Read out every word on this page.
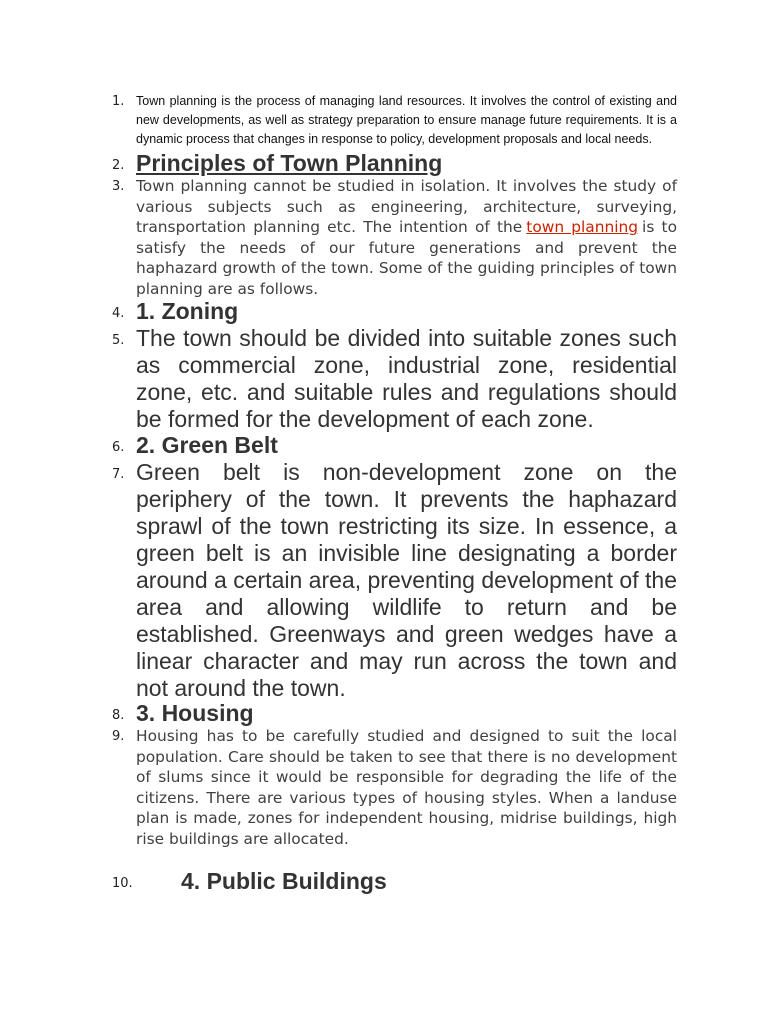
1. Town planning is the process of managing land resources. It involves the control of existing and new developments, as well as strategy preparation to ensure manage future requirements. It is a dynamic process that changes in response to policy, development proposals and local needs.
2. Principles of Town Planning
3. Town planning cannot be studied in isolation. It involves the study of various subjects such as engineering, architecture, surveying, transportation planning etc. The intention of the town planning is to satisfy the needs of our future generations and prevent the haphazard growth of the town. Some of the guiding principles of town planning are as follows.
4. 1. Zoning
5. The town should be divided into suitable zones such as commercial zone, industrial zone, residential zone, etc. and suitable rules and regulations should be formed for the development of each zone.
6. 2. Green Belt
7. Green belt is non-development zone on the periphery of the town. It prevents the haphazard sprawl of the town restricting its size. In essence, a green belt is an invisible line designating a border around a certain area, preventing development of the area and allowing wildlife to return and be established. Greenways and green wedges have a linear character and may run across the town and not around the town.
8. 3. Housing
9. Housing has to be carefully studied and designed to suit the local population. Care should be taken to see that there is no development of slums since it would be responsible for degrading the life of the citizens. There are various types of housing styles. When a landuse plan is made, zones for independent housing, midrise buildings, high rise buildings are allocated.
10. 4. Public Buildings
